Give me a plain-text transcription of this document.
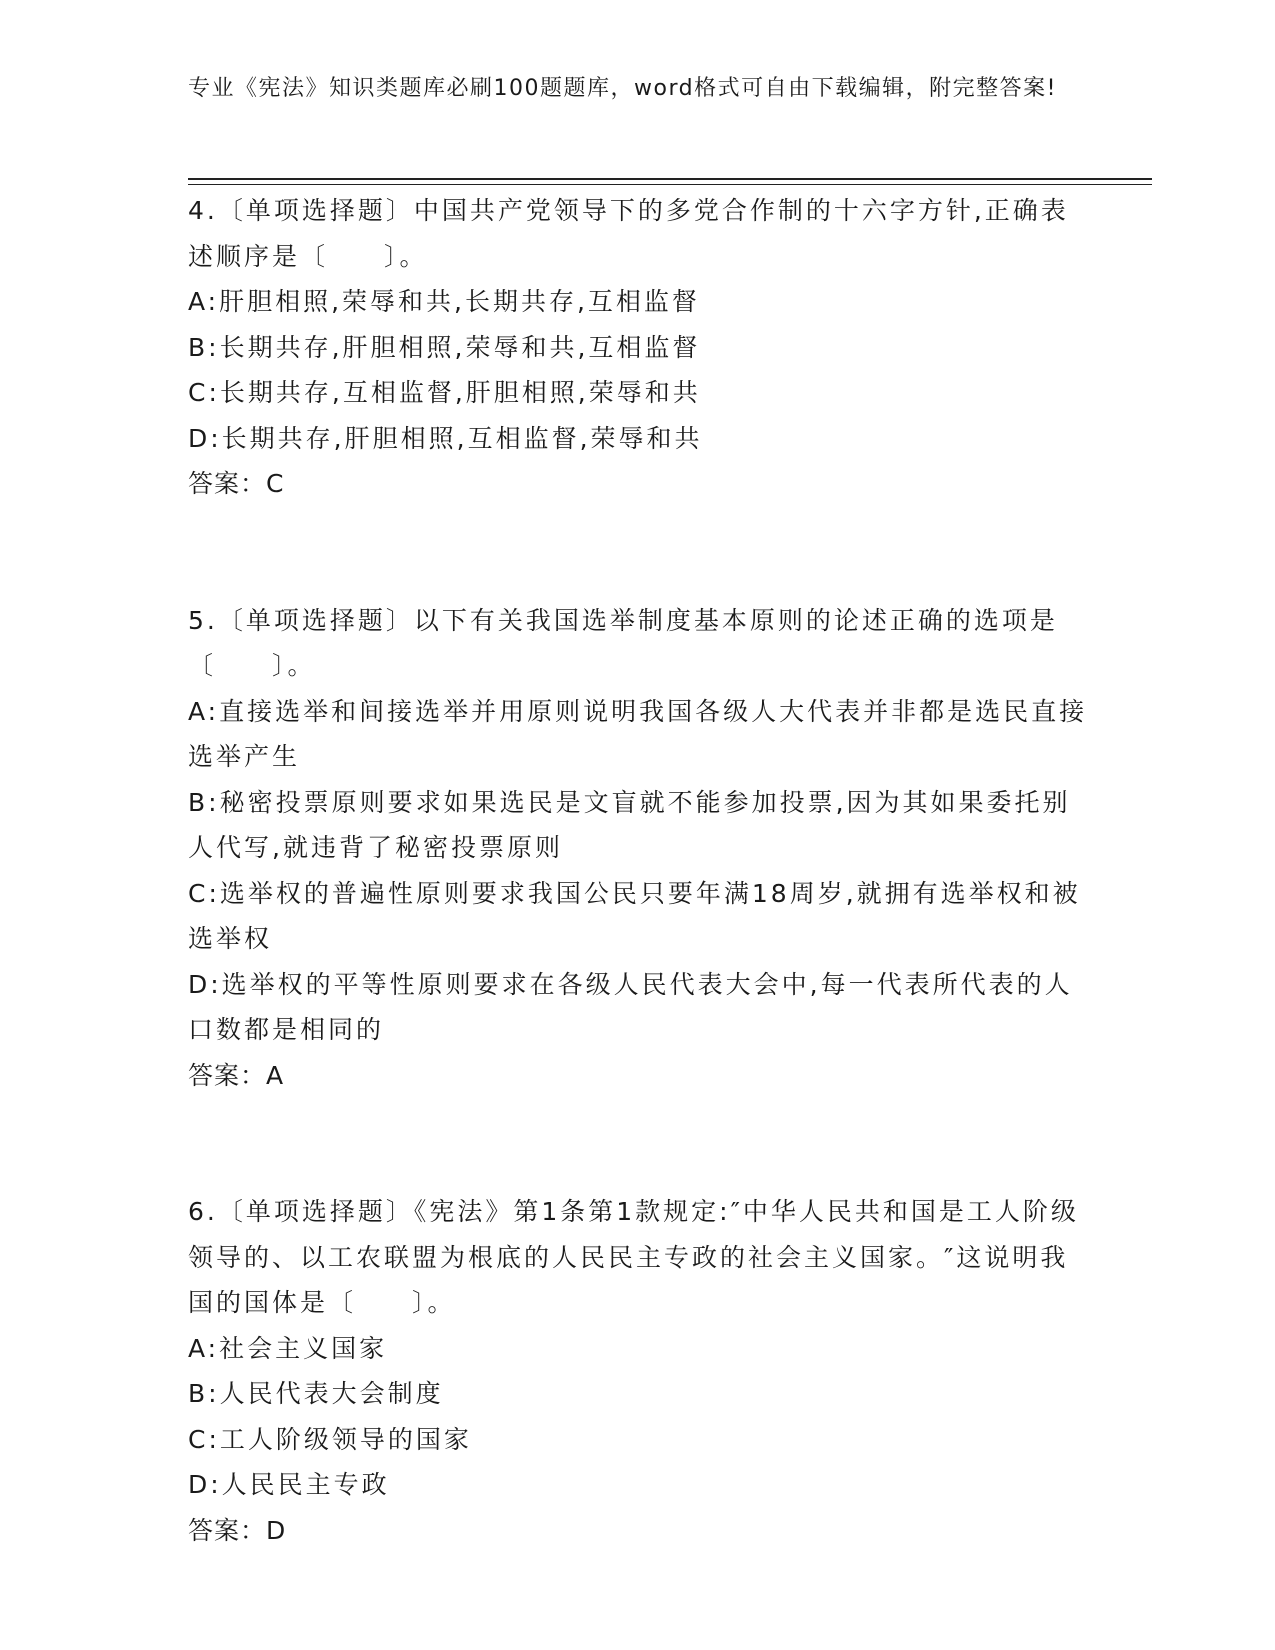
专业《宪法》知识类题库必刷100题题库，word格式可自由下载编辑，附完整答案!

4.〔单项选择题〕中国共产党领导下的多党合作制的十六字方针,正确表述顺序是〔　　〕。

A:肝胆相照,荣辱和共,长期共存,互相监督

B:长期共存,肝胆相照,荣辱和共,互相监督

C:长期共存,互相监督,肝胆相照,荣辱和共

D:长期共存,肝胆相照,互相监督,荣辱和共

答案：C

5.〔单项选择题〕以下有关我国选举制度基本原则的论述正确的选项是〔　　〕。

A:直接选举和间接选举并用原则说明我国各级人大代表并非都是选民直接选举产生

B:秘密投票原则要求如果选民是文盲就不能参加投票,因为其如果委托别人代写,就违背了秘密投票原则

C:选举权的普遍性原则要求我国公民只要年满18周岁,就拥有选举权和被选举权

D:选举权的平等性原则要求在各级人民代表大会中,每一代表所代表的人口数都是相同的

答案：A

6.〔单项选择题〕《宪法》第1条第1款规定:″中华人民共和国是工人阶级领导的、以工农联盟为根底的人民民主专政的社会主义国家。″这说明我国的国体是〔　　〕。

A:社会主义国家

B:人民代表大会制度

C:工人阶级领导的国家

D:人民民主专政

答案：D
